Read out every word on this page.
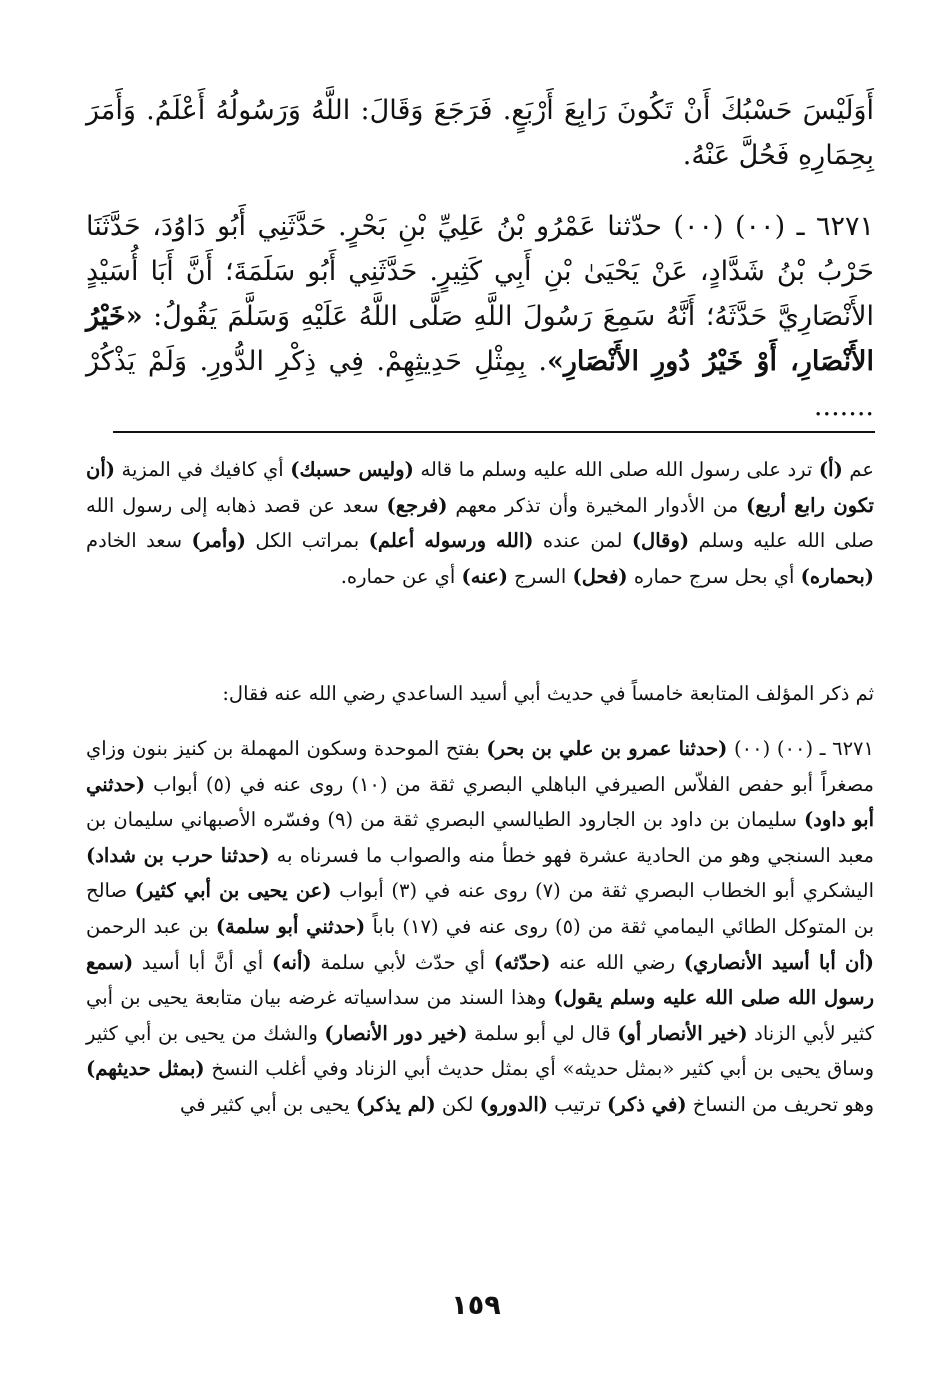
أَوَلَيْسَ حَسْبُكَ أَنْ تَكُونَ رَابِعَ أَرْبَعٍ. فَرَجَعَ وَقَالَ: اللَّهُ وَرَسُولُهُ أَعْلَمُ. وَأَمَرَ بِحِمَارِهِ فَحُلَّ عَنْهُ.

٦٢٧١ ـ (٠٠) (٠٠) حدّثنا عَمْرُو بْنُ عَلِيِّ بْنِ بَحْرٍ. حَدَّثَنِي أَبُو دَاوُدَ، حَدَّثَنَا حَرْبُ بْنُ شَدَّادٍ، عَنْ يَحْيَىٰ بْنِ أَبِي كَثِيرٍ. حَدَّثَنِي أَبُو سَلَمَةَ؛ أَنَّ أَبَا أُسَيْدٍ الأَنْصَارِيَّ حَدَّثَهُ؛ أَنَّهُ سَمِعَ رَسُولَ اللَّهِ صَلَّى اللَّهُ عَلَيْهِ وَسَلَّمَ يَقُولُ: «خَيْرُ الأَنْصَارِ، أَوْ خَيْرُ دُورِ الأَنْصَارِ». بِمِثْلِ حَدِيثِهِمْ. فِي ذِكْرِ الدُّورِ. وَلَمْ يَذْكُرْ .......

عم (أ) ترد على رسول الله صلى الله عليه وسلم ما قاله (وليس حسبك) أي كافيك في المزية (أن تكون رابع أربع) من الأدوار المخيرة وأن تذكر معهم (فرجع) سعد عن قصد ذهابه إلى رسول الله صلى الله عليه وسلم (وقال) لمن عنده (الله ورسوله أعلم) بمراتب الكل (وأمر) سعد الخادم (بحماره) أي بحل سرج حماره (فحل) السرج (عنه) أي عن حماره.

ثم ذكر المؤلف المتابعة خامساً في حديث أبي أسيد الساعدي رضي الله عنه فقال:

٦٢٧١ ـ (٠٠) (٠٠) (حدثنا عمرو بن علي بن بحر) بفتح الموحدة وسكون المهملة بن كنيز بنون وزاي مصغراً أبو حفص الفلاّس الصيرفي الباهلي البصري ثقة من (١٠) روى عنه في (٥) أبواب (حدثني أبو داود) سليمان بن داود بن الجارود الطيالسي البصري ثقة من (٩) وفسّره الأصبهاني سليمان بن معبد السنجي وهو من الحادية عشرة فهو خطأ منه والصواب ما فسرناه به (حدثنا حرب بن شداد) اليشكري أبو الخطاب البصري ثقة من (٧) روى عنه في (٣) أبواب (عن يحيى بن أبي كثير) صالح بن المتوكل الطائي اليمامي ثقة من (٥) روى عنه في (١٧) باباً (حدثني أبو سلمة) بن عبد الرحمن (أن أبا أسيد الأنصاري) رضي الله عنه (حدّثه) أي حدّث لأبي سلمة (أنه) أي أنَّ أبا أسيد (سمع رسول الله صلى الله عليه وسلم يقول) وهذا السند من سداسياته غرضه بيان متابعة يحيى بن أبي كثير لأبي الزناد (خير الأنصار أو) قال لي أبو سلمة (خير دور الأنصار) والشك من يحيى بن أبي كثير وساق يحيى بن أبي كثير «بمثل حديثه» أي بمثل حديث أبي الزناد وفي أغلب النسخ (بمثل حديثهم) وهو تحريف من النساخ (في ذكر) ترتيب (الدورو) لكن (لم يذكر) يحيى بن أبي كثير في

١٥٩
